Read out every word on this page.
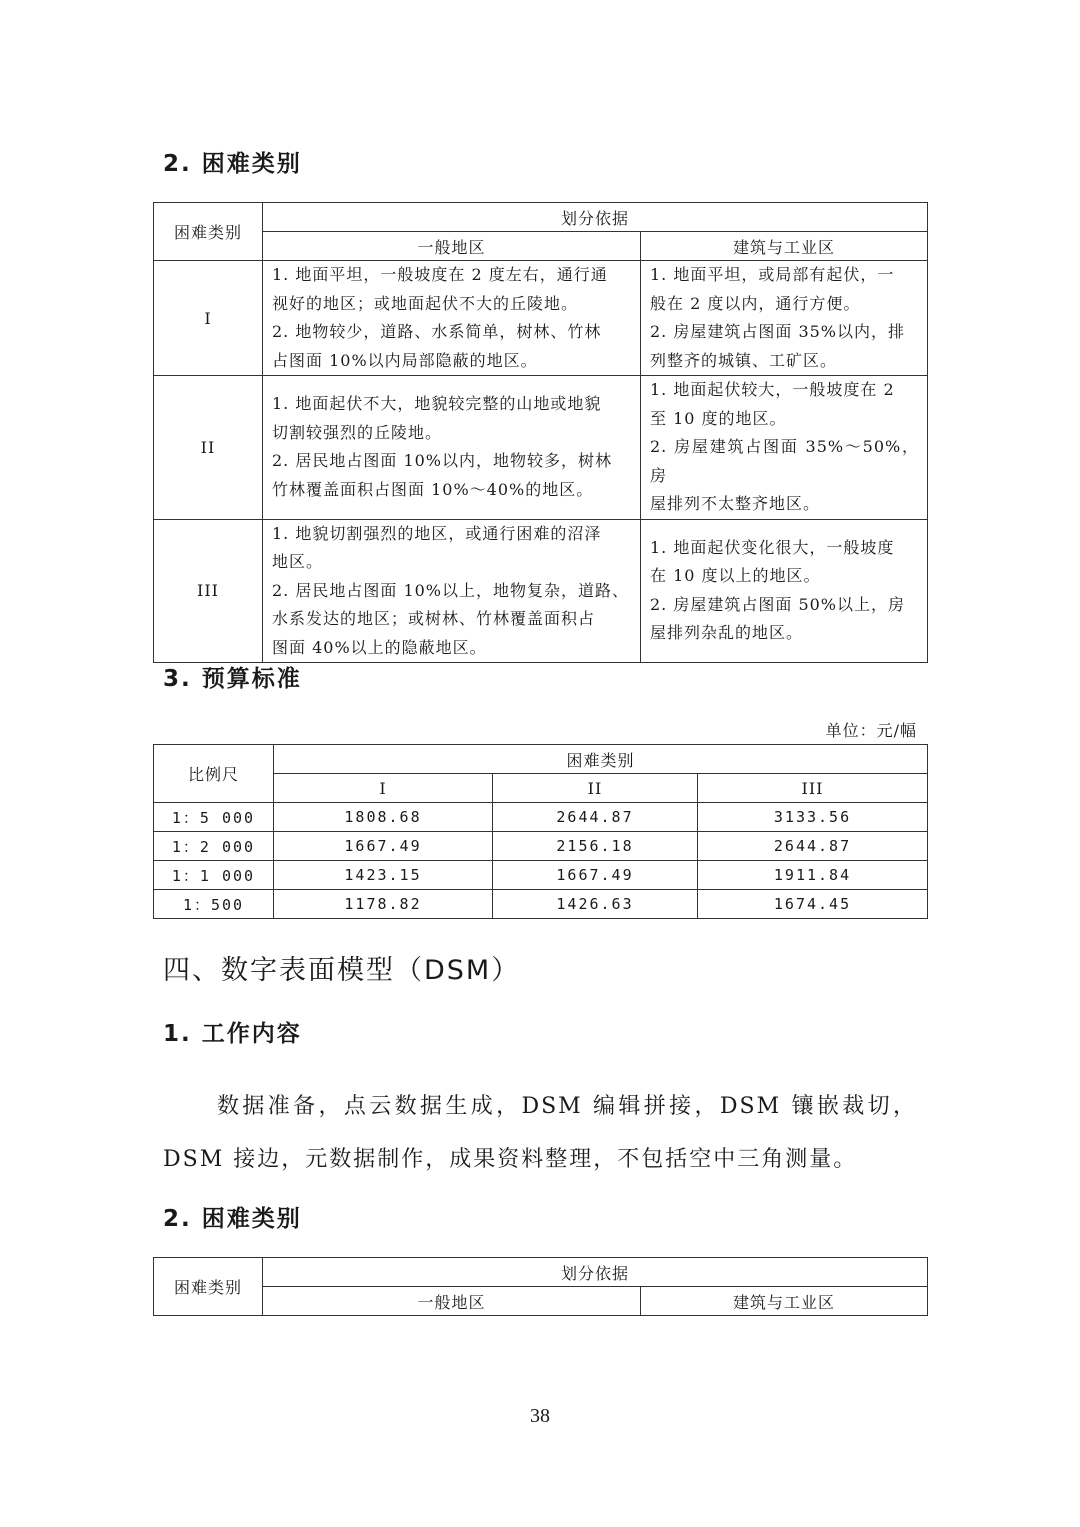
2. 困难类别
困难类别	划分依据	
	一般地区	建筑与工业区
I	1. 地面平坦，一般坡度在 2 度左右，通行通
视好的地区；或地面起伏不大的丘陵地。
2. 地物较少，道路、水系简单，树林、竹林
占图面 10%以内局部隐蔽的地区。	1. 地面平坦，或局部有起伏，一
般在 2 度以内，通行方便。
2. 房屋建筑占图面 35%以内，排
列整齐的城镇、工矿区。

II	1. 地面起伏不大，地貌较完整的山地或地貌
切割较强烈的丘陵地。
2. 居民地占图面 10%以内，地物较多，树林
竹林覆盖面积占图面 10%～40%的地区。	1. 地面起伏较大，一般坡度在 2
至 10 度的地区。
2. 房屋建筑占图面 35%～50%，房
屋排列不太整齐地区。

III	1. 地貌切割强烈的地区，或通行困难的沼泽
地区。
2. 居民地占图面 10%以上，地物复杂，道路、
水系发达的地区；或树林、竹林覆盖面积占
图面 40%以上的隐蔽地区。	1. 地面起伏变化很大，一般坡度
在 10 度以上的地区。
2. 房屋建筑占图面 50%以上，房
屋排列杂乱的地区。
3. 预算标准
单位：元/幅
比例尺	困难类别		
	I	II	III
1：5 000	1808.68	2644.87	3133.56
1：2 000	1667.49	2156.18	2644.87
1：1 000	1423.15	1667.49	1911.84
1：500	1178.82	1426.63	1674.45
四、数字表面模型（DSM）
1. 工作内容

数据准备，点云数据生成，DSM 编辑拼接，DSM 镶嵌裁切，DSM 接边，元数据制作，成果资料整理，不包括空中三角测量。

2. 困难类别
困难类别	划分依据	
	一般地区	建筑与工业区
38
